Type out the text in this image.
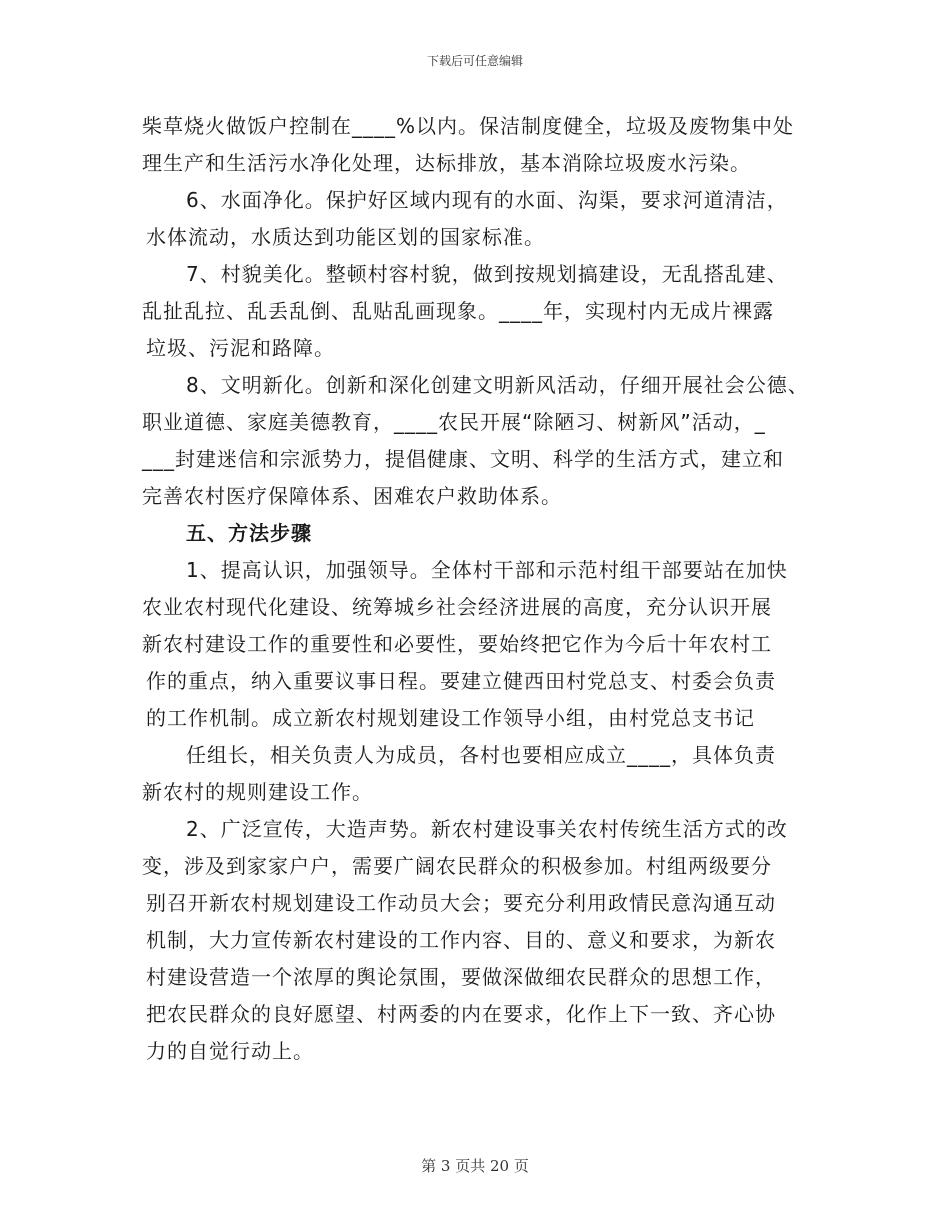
下载后可任意编辑
柴草烧火做饭户控制在____%以内。保洁制度健全，垃圾及废物集中处
理生产和生活污水净化处理，达标排放，基本消除垃圾废水污染。
6、水面净化。保护好区域内现有的水面、沟渠，要求河道清洁，
水体流动，水质达到功能区划的国家标准。
7、村貌美化。整顿村容村貌，做到按规划搞建设，无乱搭乱建、
乱扯乱拉、乱丢乱倒、乱贴乱画现象。____年，实现村内无成片裸露
垃圾、污泥和路障。
8、文明新化。创新和深化创建文明新风活动，仔细开展社会公德、
职业道德、家庭美德教育，____农民开展“除陋习、树新风”活动，_
___封建迷信和宗派势力，提倡健康、文明、科学的生活方式，建立和
完善农村医疗保障体系、困难农户救助体系。
五、方法步骤
1、提高认识，加强领导。全体村干部和示范村组干部要站在加快
农业农村现代化建设、统筹城乡社会经济进展的高度，充分认识开展
新农村建设工作的重要性和必要性，要始终把它作为今后十年农村工
作的重点，纳入重要议事日程。要建立健西田村党总支、村委会负责
的工作机制。成立新农村规划建设工作领导小组，由村党总支书记
任组长，相关负责人为成员，各村也要相应成立____，具体负责
新农村的规则建设工作。
2、广泛宣传，大造声势。新农村建设事关农村传统生活方式的改
变，涉及到家家户户，需要广阔农民群众的积极参加。村组两级要分
别召开新农村规划建设工作动员大会；要充分利用政情民意沟通互动
机制，大力宣传新农村建设的工作内容、目的、意义和要求，为新农
村建设营造一个浓厚的舆论氛围，要做深做细农民群众的思想工作，
把农民群众的良好愿望、村两委的内在要求，化作上下一致、齐心协
力的自觉行动上。
第 3 页共 20 页
